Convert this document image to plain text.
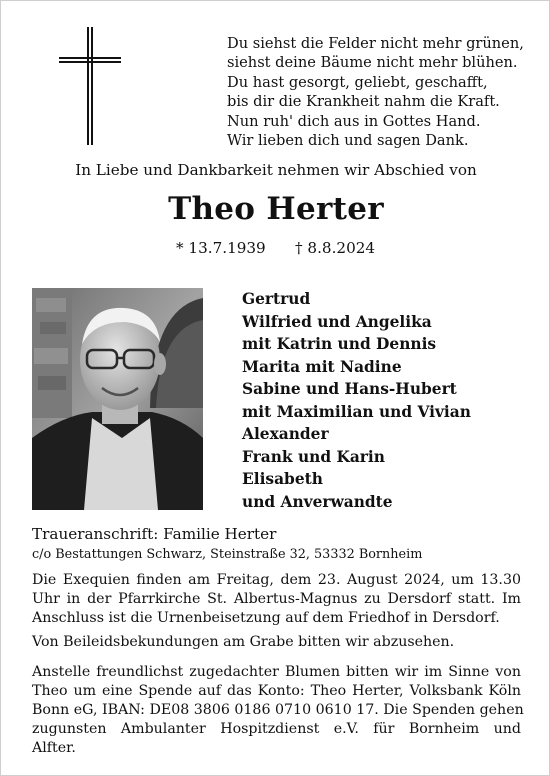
Du siehst die Felder nicht mehr grünen,
siehst deine Bäume nicht mehr blühen.
Du hast gesorgt, geliebt, geschafft,
bis dir die Krankheit nahm die Kraft.
Nun ruh' dich aus in Gottes Hand.
Wir lieben dich und sagen Dank.
In Liebe und Dankbarkeit nehmen wir Abschied von
Theo Herter
* 13.7.1939 † 8.8.2024
Gertrud
Wilfried und Angelika
mit Katrin und Dennis
Marita mit Nadine
Sabine und Hans-Hubert
mit Maximilian und Vivian
Alexander
Frank und Karin
Elisabeth
und Anverwandte
Traueranschrift: Familie Herter
c/o Bestattungen Schwarz, Steinstraße 32, 53332 Bornheim
Die Exequien finden am Freitag, dem 23. August 2024, um 13.30
Uhr in der Pfarrkirche St. Albertus-Magnus zu Dersdorf statt. Im
Anschluss ist die Urnenbeisetzung auf dem Friedhof in Dersdorf.
Von Beileidsbekundungen am Grabe bitten wir abzusehen.
Anstelle freundlichst zugedachter Blumen bitten wir im Sinne von
Theo um eine Spende auf das Konto: Theo Herter, Volksbank Köln
Bonn eG, IBAN: DE08 3806 0186 0710 0610 17. Die Spenden gehen
zugunsten Ambulanter Hospitzdienst e.V. für Bornheim und
Alfter.
